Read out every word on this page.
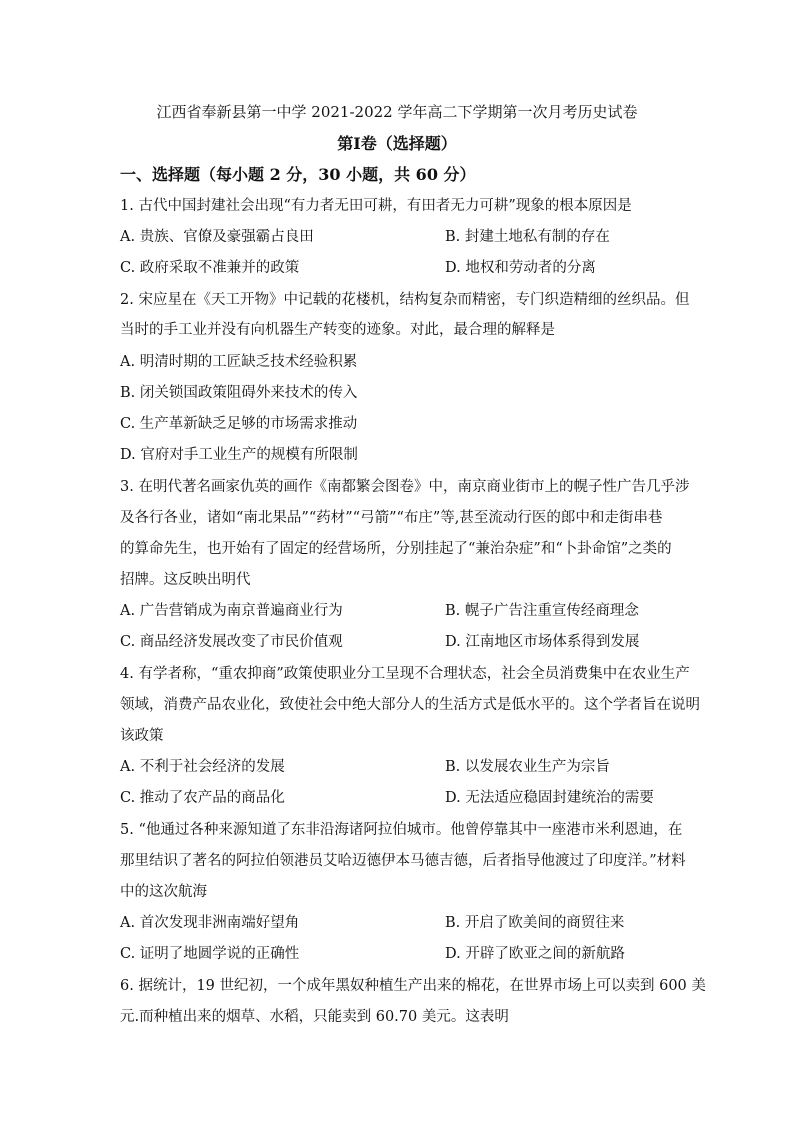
江西省奉新县第一中学 2021-2022 学年高二下学期第一次月考历史试卷
第Ⅰ卷（选择题）
一、选择题（每小题 2 分，30 小题，共 60 分）
1. 古代中国封建社会出现“有力者无田可耕，有田者无力可耕”现象的根本原因是
A. 贵族、官僚及豪强霸占良田	B. 封建土地私有制的存在
C. 政府采取不准兼并的政策	D. 地权和劳动者的分离
2. 宋应星在《天工开物》中记载的花楼机，结构复杂而精密，专门织造精细的丝织品。但
当时的手工业并没有向机器生产转变的迹象。对此，最合理的解释是
A. 明清时期的工匠缺乏技术经验积累
B. 闭关锁国政策阻碍外来技术的传入
C. 生产革新缺乏足够的市场需求推动
D. 官府对手工业生产的规模有所限制
3. 在明代著名画家仇英的画作《南都繁会图卷》中，南京商业街市上的幌子性广告几乎涉
及各行各业，诸如“南北果品”“药材”“弓箭”“布庄”等,甚至流动行医的郎中和走街串巷
的算命先生，也开始有了固定的经营场所，分别挂起了“兼治杂症”和“卜卦命馆”之类的
招牌。这反映出明代
A. 广告营销成为南京普遍商业行为	B. 幌子广告注重宣传经商理念
C. 商品经济发展改变了市民价值观	D. 江南地区市场体系得到发展
4. 有学者称，“重农抑商”政策使职业分工呈现不合理状态，社会全员消费集中在农业生产
领域，消费产品农业化，致使社会中绝大部分人的生活方式是低水平的。这个学者旨在说明
该政策
A. 不利于社会经济的发展	B. 以发展农业生产为宗旨
C. 推动了农产品的商品化	D. 无法适应稳固封建统治的需要
5. “他通过各种来源知道了东非沿海诸阿拉伯城市。他曾停靠其中一座港市米利恩迪，在
那里结识了著名的阿拉伯领港员艾哈迈德伊本马德吉德，后者指导他渡过了印度洋。”材料
中的这次航海
A. 首次发现非洲南端好望角	B. 开启了欧美间的商贸往来
C. 证明了地圆学说的正确性	D. 开辟了欧亚之间的新航路
6. 据统计，19 世纪初，一个成年黑奴种植生产出来的棉花，在世界市场上可以卖到 600 美
元.而种植出来的烟草、水稻，只能卖到 60.70 美元。这表明
